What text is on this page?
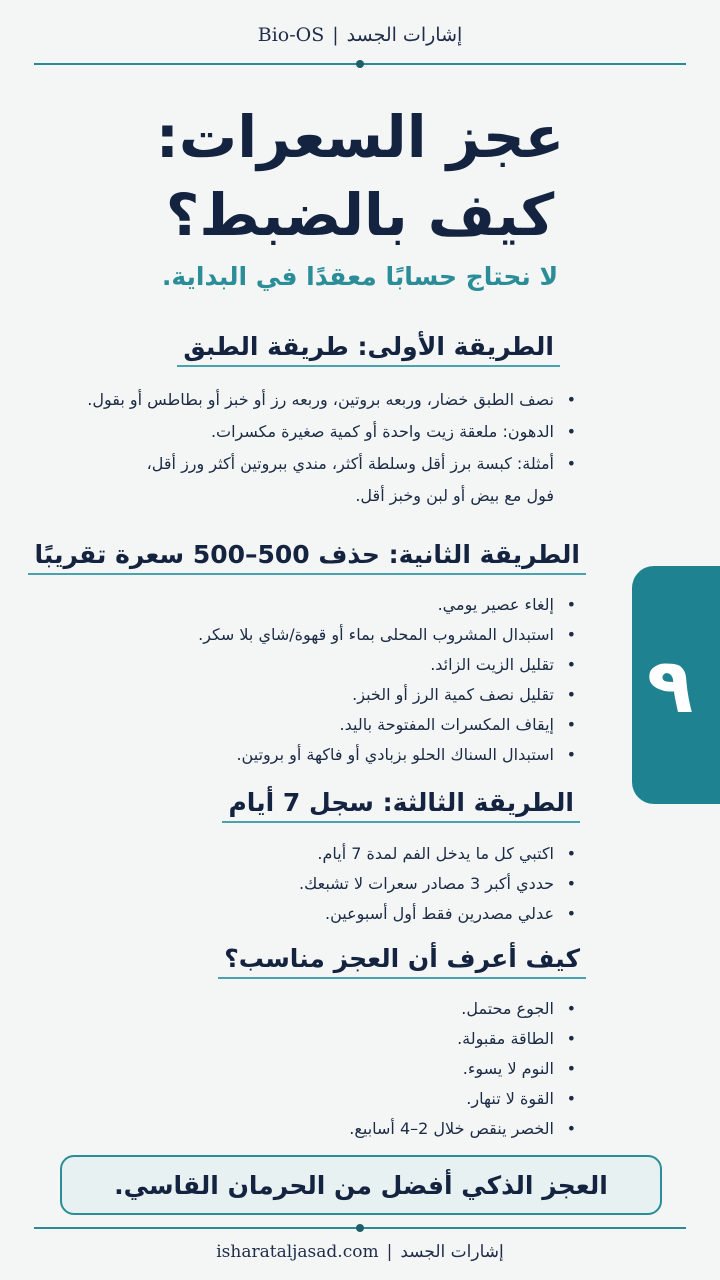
إشارات الجسد|Bio-OS
عجز السعرات:
كيف بالضبط؟
لا نحتاج حسابًا معقدًا في البداية.
الطريقة الأولى: طريقة الطبق
• نصف الطبق خضار، وربعه بروتين، وربعه رز أو خبز أو بطاطس أو بقول.
• الدهون: ملعقة زيت واحدة أو كمية صغيرة مكسرات.
• أمثلة: كبسة برز أقل وسلطة أكثر، مندي ببروتين أكثر ورز أقل،
فول مع بيض أو لبن وخبز أقل.
الطريقة الثانية: حذف 500–500 سعرة تقريبًا
• إلغاء عصير يومي.
• استبدال المشروب المحلى بماء أو قهوة/شاي بلا سكر.
• تقليل الزيت الزائد.
• تقليل نصف كمية الرز أو الخبز.
• إيقاف المكسرات المفتوحة باليد.
• استبدال السناك الحلو بزبادي أو فاكهة أو بروتين.
الطريقة الثالثة: سجل 7 أيام
• اكتبي كل ما يدخل الفم لمدة 7 أيام.
• حددي أكبر 3 مصادر سعرات لا تشبعك.
• عدلي مصدرين فقط أول أسبوعين.
كيف أعرف أن العجز مناسب؟
• الجوع محتمل.
• الطاقة مقبولة.
• النوم لا يسوء.
• القوة لا تنهار.
• الخصر ينقص خلال 2–4 أسابيع.
٩
العجز الذكي أفضل من الحرمان القاسي.
إشارات الجسد|isharataljasad.com
